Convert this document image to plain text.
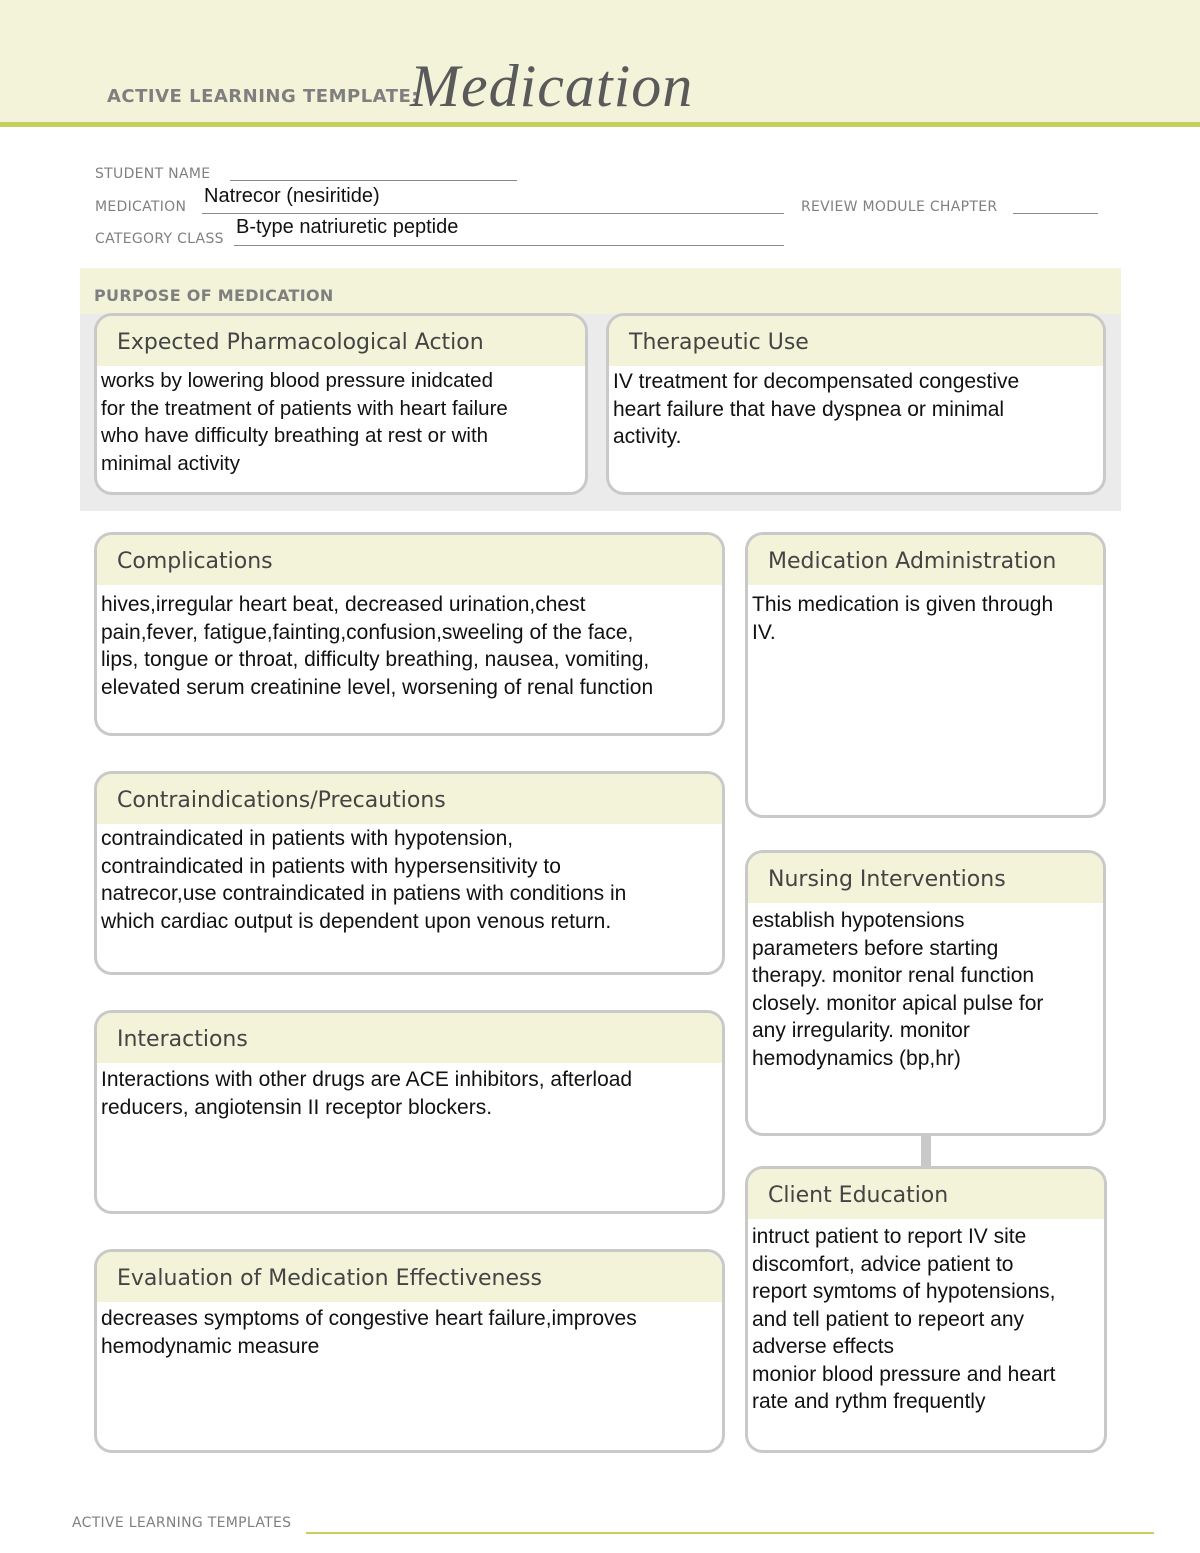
ACTIVE LEARNING TEMPLATE:
Medication
STUDENT NAME
MEDICATION Natrecor (nesiritide)	REVIEW MODULE CHAPTER
CATEGORY CLASS
B-type natriuretic peptide
PURPOSE OF MEDICATION
Expected Pharmacological Action
works by lowering blood pressure inidcated
for the treatment of patients with heart failure
who have difficulty breathing at rest or with
minimal activity
Therapeutic Use
IV treatment for decompensated congestive
heart failure that have dyspnea or minimal
activity.
Complications
hives,irregular heart beat, decreased urination,chest
pain,fever, fatigue,fainting,confusion,sweeling of the face,
lips, tongue or throat, difficulty breathing, nausea, vomiting,
elevated serum creatinine level, worsening of renal function
Contraindications/Precautions
contraindicated in patients with hypotension,
contraindicated in patients with hypersensitivity to
natrecor,use contraindicated in patiens with conditions in
which cardiac output is dependent upon venous return.
Interactions
Interactions with other drugs are ACE inhibitors, afterload
reducers, angiotensin II receptor blockers.
Evaluation of Medication Effectiveness
decreases symptoms of congestive heart failure,improves
hemodynamic measure
Medication Administration
This medication is given through
IV.
Nursing Interventions
establish hypotensions
parameters before starting
therapy. monitor renal function
closely. monitor apical pulse for
any irregularity. monitor
hemodynamics (bp,hr)
Client Education
intruct patient to report IV site
discomfort, advice patient to
report symtoms of hypotensions,
and tell patient to repeort any
adverse effects
monior blood pressure and heart
rate and rythm frequently
ACTIVE LEARNING TEMPLATES
